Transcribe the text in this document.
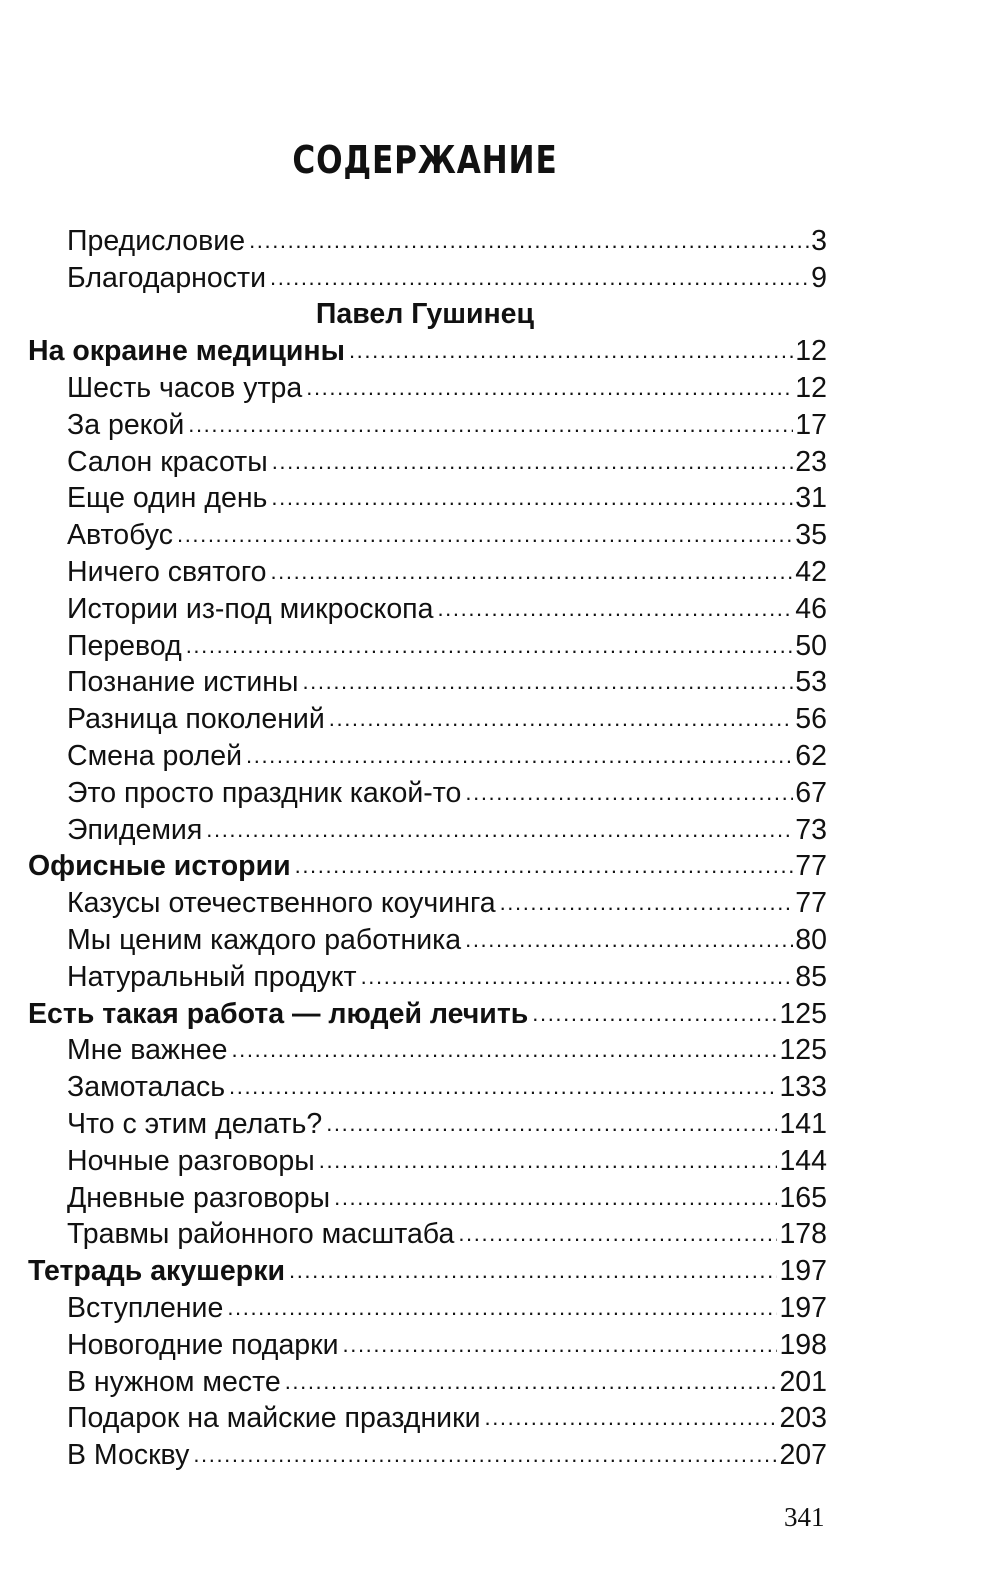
СОДЕРЖАНИЕ
Предисловие .....	3
Благодарности .....	9
Павел Гушинец
На окраине медицины .....	12
Шесть часов утра .....	12
За рекой .....	17
Салон красоты .....	23
Еще один день .....	31
Автобус .....	35
Ничего святого .....	42
Истории из-под микроскопа .....	46
Перевод .....	50
Познание истины .....	53
Разница поколений .....	56
Смена ролей .....	62
Это просто праздник какой-то .....	67
Эпидемия .....	73
Офисные истории .....	77
Казусы отечественного коучинга .....	77
Мы ценим каждого работника .....	80
Натуральный продукт .....	85
Есть такая работа — людей лечить .....	125
Мне важнее .....	125
Замоталась .....	133
Что с этим делать? .....	141
Ночные разговоры .....	144
Дневные разговоры .....	165
Травмы районного масштаба .....	178
Тетрадь акушерки .....	197
Вступление .....	197
Новогодние подарки .....	198
В нужном месте .....	201
Подарок на майские праздники .....	203
В Москву .....	207
341
